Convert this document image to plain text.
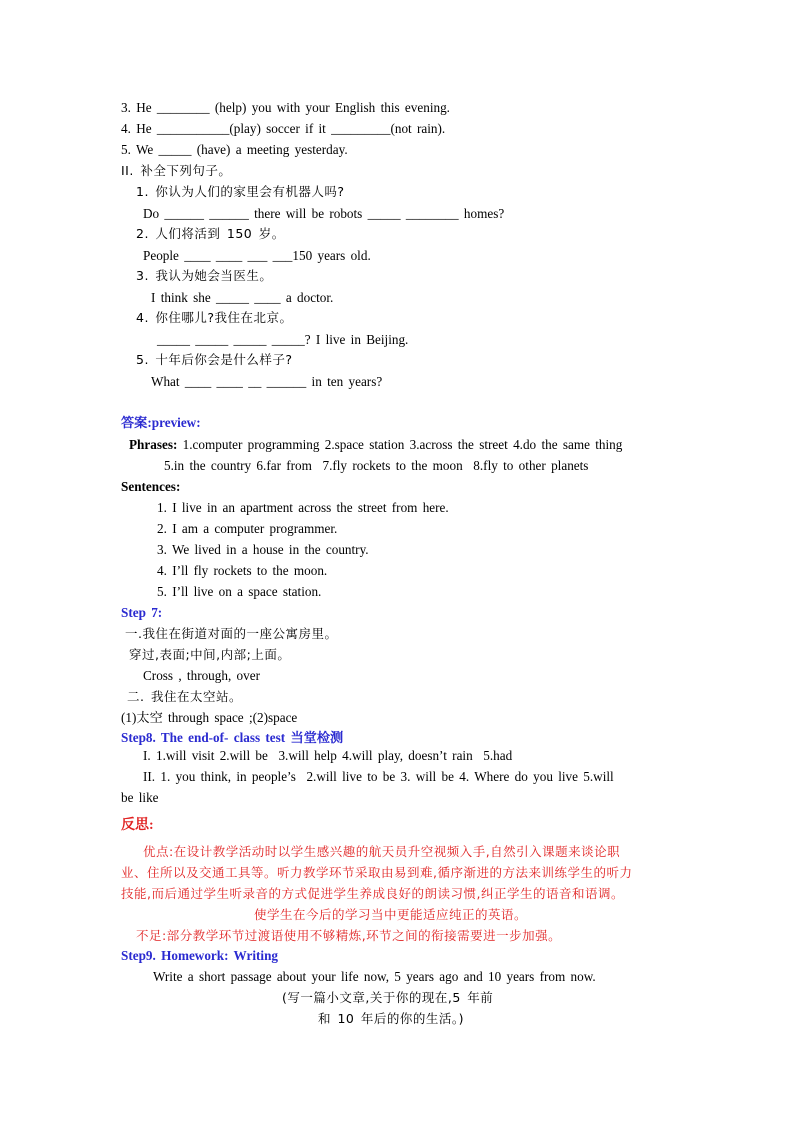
3. He ________ (help) you with your English this evening.
4. He ___________(play) soccer if it _________(not rain).
5. We _____ (have) a meeting yesterday.
II. 补全下列句子。
1. 你认为人们的家里会有机器人吗?
Do ______ ______ there will be robots _____ ________ homes?
2. 人们将活到 150 岁。
People ____ ____ ___ ___150 years old.
3. 我认为她会当医生。
I think she _____ ____ a doctor.
4. 你住哪儿?我住在北京。
_____ _____ _____ _____? I live in Beijing.
5. 十年后你会是什么样子?
What ____ ____ __ ______ in ten years?
答案:preview:
Phrases: 1.computer programming 2.space station 3.across the street 4.do the same thing
5.in the country 6.far from  7.fly rockets to the moon  8.fly to other planets
Sentences:
1. I live in an apartment across the street from here.
2. I am a computer programmer.
3. We lived in a house in the country.
4. I’ll fly rockets to the moon.
5. I’ll live on a space station.
Step 7:
一.我住在街道对面的一座公寓房里。
穿过,表面;中间,内部;上面。
Cross , through, over
二. 我住在太空站。
(1)太空 through space ;(2)space
Step8. The end-of- class test 当堂检测
I. 1.will visit 2.will be  3.will help 4.will play, doesn’t rain  5.had
II. 1. you think, in people’s  2.will live to be 3. will be 4. Where do you live 5.will
be like
反思:
优点:在设计教学活动时以学生感兴趣的航天员升空视频入手,自然引入课题来谈论职
业、住所以及交通工具等。听力教学环节采取由易到难,循序渐进的方法来训练学生的听力
技能,而后通过学生听录音的方式促进学生养成良好的朗读习惯,纠正学生的语音和语调。
使学生在今后的学习当中更能适应纯正的英语。
不足:部分教学环节过渡语使用不够精炼,环节之间的衔接需要进一步加强。
Step9. Homework: Writing
Write a short passage about your life now, 5 years ago and 10 years from now.
(写一篇小文章,关于你的现在,5 年前
和 10 年后的你的生活。)
